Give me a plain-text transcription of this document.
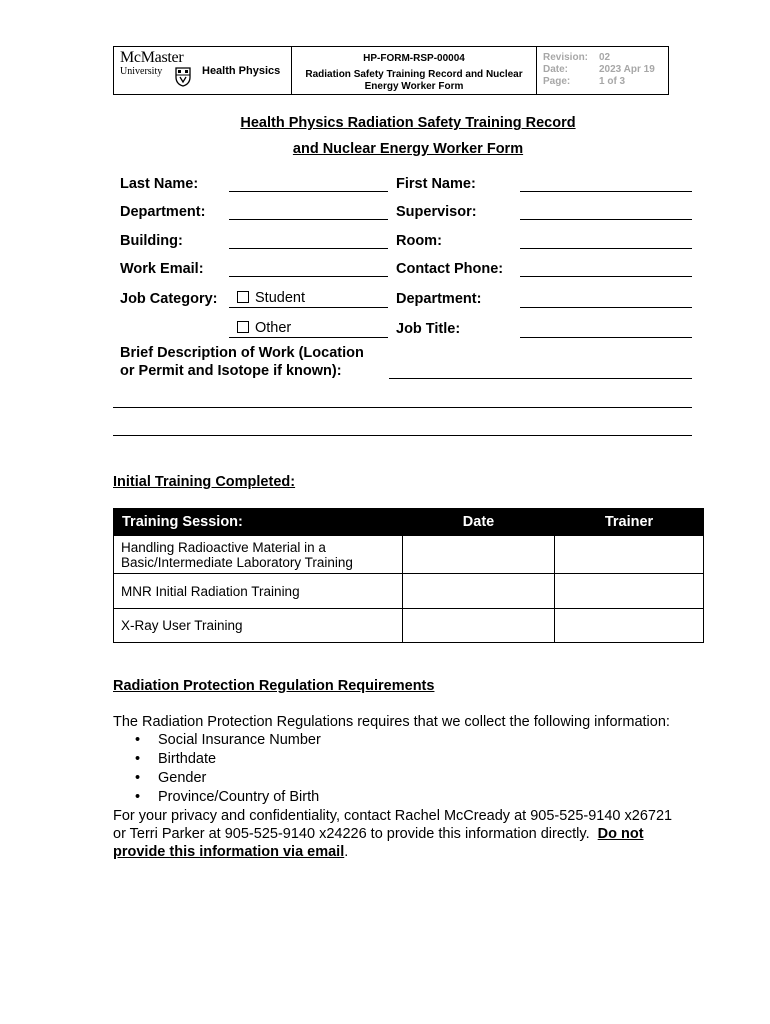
McMaster
University	Health Physics
HP-FORM-RSP-00004
Radiation Safety Training Record and Nuclear Energy Worker Form
Revision: 02
Date:	2023 Apr 19
Page:	1 of 3
Health Physics Radiation Safety Training Record
and Nuclear Energy Worker Form
Last Name:	First Name:
Department:	Supervisor:
Building:	Room:
Work Email:	Contact Phone:
Job Category:	Student	Department:
Other	Job Title:
Brief Description of Work (Location
or Permit and Isotope if known):
Initial Training Completed:
Training Session:	Date	Trainer
Handling Radioactive Material in a
Basic/Intermediate Laboratory Training		
MNR Initial Radiation Training		
X-Ray User Training		
Radiation Protection Regulation Requirements
The Radiation Protection Regulations requires that we collect the following information:
• Social Insurance Number
• Birthdate
• Gender
• Province/Country of Birth
For your privacy and confidentiality, contact Rachel McCready at 905-525-9140 x26721
or Terri Parker at 905-525-9140 x24226 to provide this information directly.  Do not
provide this information via email.
